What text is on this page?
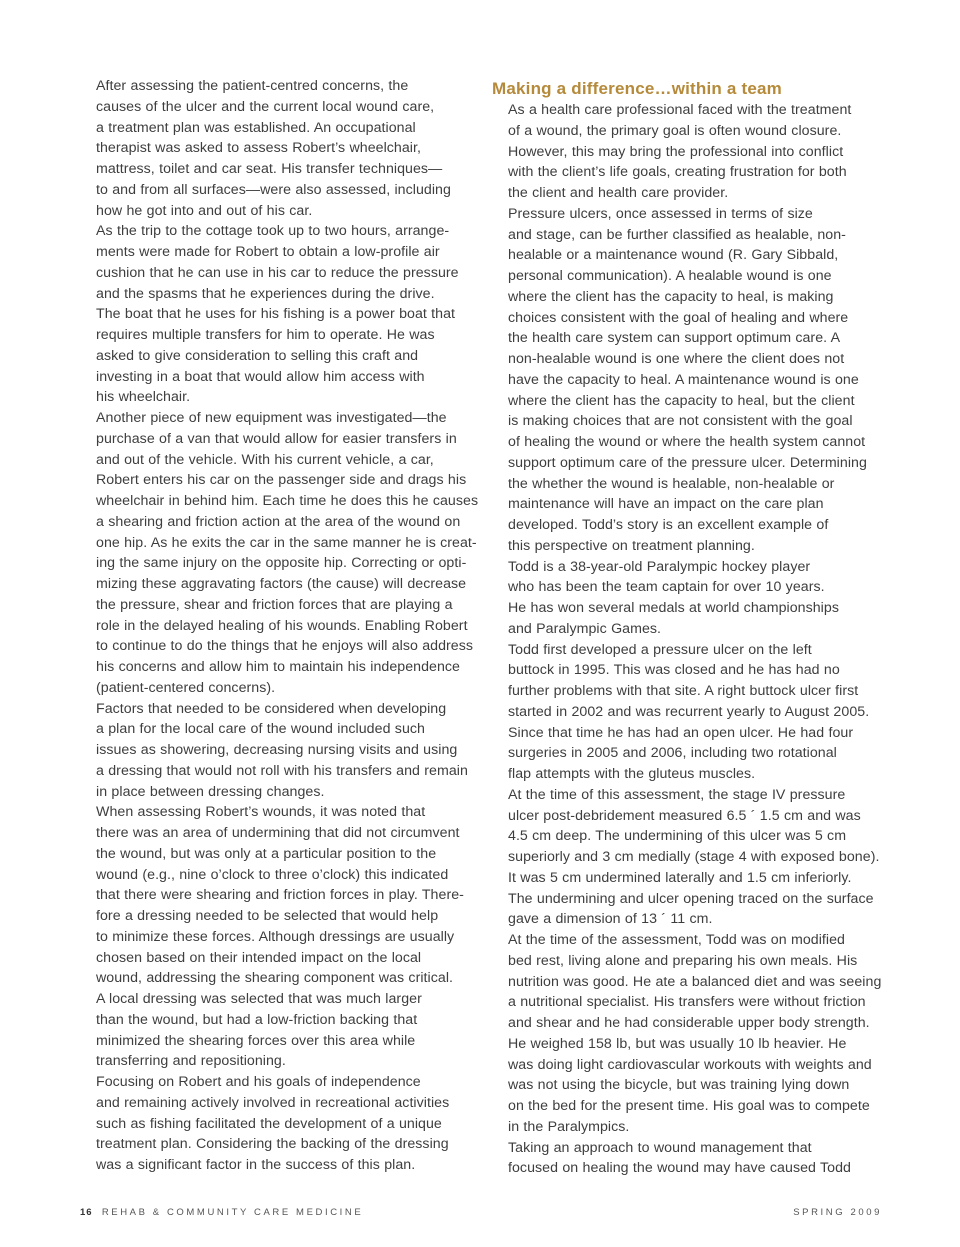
After assessing the patient-centred concerns, the
causes of the ulcer and the current local wound care,
a treatment plan was established. An occupational
therapist was asked to assess Robert’s wheelchair,
mattress, toilet and car seat. His transfer techniques—
to and from all surfaces—were also assessed, including
how he got into and out of his car.

As the trip to the cottage took up to two hours, arrange-
ments were made for Robert to obtain a low-profile air
cushion that he can use in his car to reduce the pressure
and the spasms that he experiences during the drive.
The boat that he uses for his fishing is a power boat that
requires multiple transfers for him to operate. He was
asked to give consideration to selling this craft and
investing in a boat that would allow him access with
his wheelchair.

Another piece of new equipment was investigated—the
purchase of a van that would allow for easier transfers in
and out of the vehicle. With his current vehicle, a car,
Robert enters his car on the passenger side and drags his
wheelchair in behind him. Each time he does this he causes
a shearing and friction action at the area of the wound on
one hip. As he exits the car in the same manner he is creat-
ing the same injury on the opposite hip. Correcting or opti-
mizing these aggravating factors (the cause) will decrease
the pressure, shear and friction forces that are playing a
role in the delayed healing of his wounds. Enabling Robert
to continue to do the things that he enjoys will also address
his concerns and allow him to maintain his independence
(patient-centered concerns).

Factors that needed to be considered when developing
a plan for the local care of the wound included such
issues as showering, decreasing nursing visits and using
a dressing that would not roll with his transfers and remain
in place between dressing changes.

When assessing Robert’s wounds, it was noted that
there was an area of undermining that did not circumvent
the wound, but was only at a particular position to the
wound (e.g., nine o’clock to three o’clock) this indicated
that there were shearing and friction forces in play. There-
fore a dressing needed to be selected that would help
to minimize these forces. Although dressings are usually
chosen based on their intended impact on the local
wound, addressing the shearing component was critical.
A local dressing was selected that was much larger
than the wound, but had a low-friction backing that
minimized the shearing forces over this area while
transferring and repositioning.

Focusing on Robert and his goals of independence
and remaining actively involved in recreational activities
such as fishing facilitated the development of a unique
treatment plan. Considering the backing of the dressing
was a significant factor in the success of this plan.

Making a difference…within a team

As a health care professional faced with the treatment
of a wound, the primary goal is often wound closure.
However, this may bring the professional into conflict
with the client’s life goals, creating frustration for both
the client and health care provider.

Pressure ulcers, once assessed in terms of size
and stage, can be further classified as healable, non-
healable or a maintenance wound (R. Gary Sibbald,
personal communication). A healable wound is one
where the client has the capacity to heal, is making
choices consistent with the goal of healing and where
the health care system can support optimum care. A
non-healable wound is one where the client does not
have the capacity to heal. A maintenance wound is one
where the client has the capacity to heal, but the client
is making choices that are not consistent with the goal
of healing the wound or where the health system cannot
support optimum care of the pressure ulcer. Determining
the whether the wound is healable, non-healable or
maintenance will have an impact on the care plan
developed. Todd’s story is an excellent example of
this perspective on treatment planning.

Todd is a 38-year-old Paralympic hockey player
who has been the team captain for over 10 years.
He has won several medals at world championships
and Paralympic Games.

Todd first developed a pressure ulcer on the left
buttock in 1995. This was closed and he has had no
further problems with that site. A right buttock ulcer first
started in 2002 and was recurrent yearly to August 2005.
Since that time he has had an open ulcer. He had four
surgeries in 2005 and 2006, including two rotational
flap attempts with the gluteus muscles.

At the time of this assessment, the stage IV pressure
ulcer post-debridement measured 6.5 ´ 1.5 cm and was
4.5 cm deep. The undermining of this ulcer was 5 cm
superiorly and 3 cm medially (stage 4 with exposed bone).
It was 5 cm undermined laterally and 1.5 cm inferiorly.
The undermining and ulcer opening traced on the surface
gave a dimension of 13 ´ 11 cm.

At the time of the assessment, Todd was on modified
bed rest, living alone and preparing his own meals. His
nutrition was good. He ate a balanced diet and was seeing
a nutritional specialist. His transfers were without friction
and shear and he had considerable upper body strength.
He weighed 158 lb, but was usually 10 lb heavier. He
was doing light cardiovascular workouts with weights and
was not using the bicycle, but was training lying down
on the bed for the present time. His goal was to compete
in the Paralympics.

Taking an approach to wound management that
focused on healing the wound may have caused Todd

16 REHAB & COMMUNITY CARE MEDICINE	SPRING 2009
